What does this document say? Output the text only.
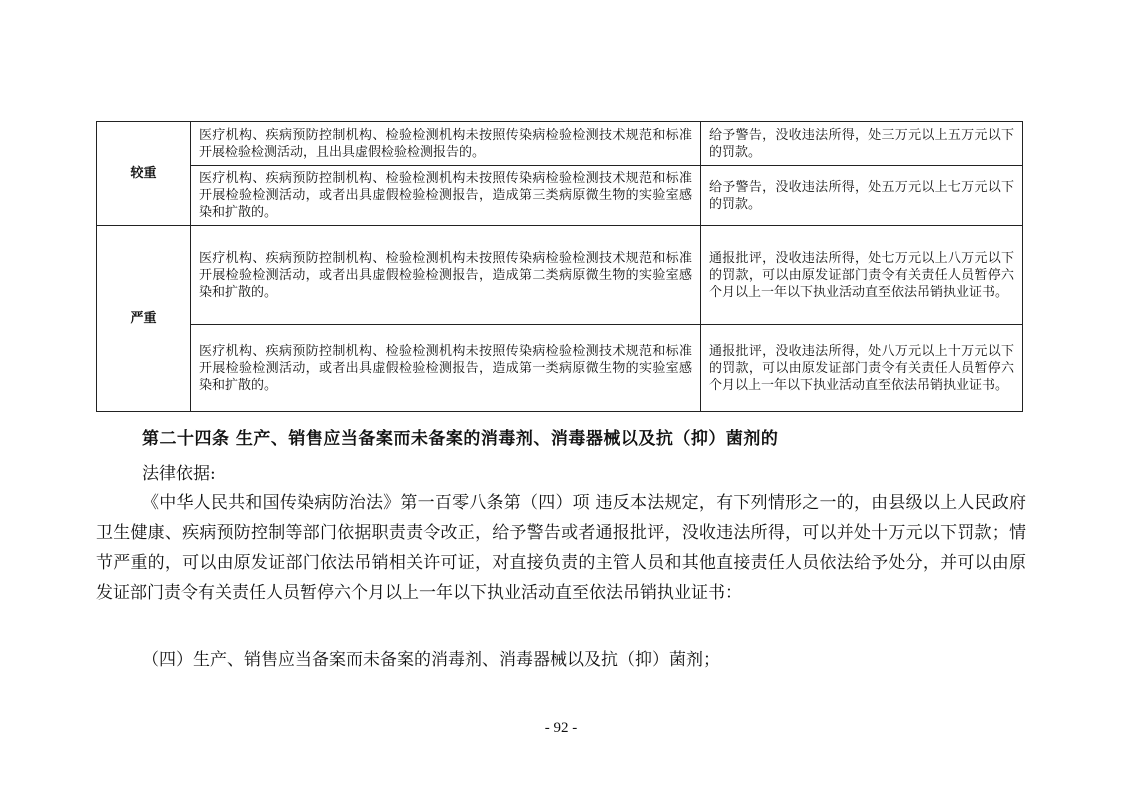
较重	医疗机构、疾病预防控制机构、检验检测机构未按照传染病检验检测技术规范和标准开展检验检测活动，且出具虚假检验检测报告的。	给予警告，没收违法所得，处三万元以上五万元以下的罚款。
	医疗机构、疾病预防控制机构、检验检测机构未按照传染病检验检测技术规范和标准开展检验检测活动，或者出具虚假检验检测报告，造成第三类病原微生物的实验室感染和扩散的。	给予警告，没收违法所得，处五万元以上七万元以下的罚款。
严重	医疗机构、疾病预防控制机构、检验检测机构未按照传染病检验检测技术规范和标准开展检验检测活动，或者出具虚假检验检测报告，造成第二类病原微生物的实验室感染和扩散的。	通报批评，没收违法所得，处七万元以上八万元以下的罚款，可以由原发证部门责令有关责任人员暂停六个月以上一年以下执业活动直至依法吊销执业证书。
	医疗机构、疾病预防控制机构、检验检测机构未按照传染病检验检测技术规范和标准开展检验检测活动，或者出具虚假检验检测报告，造成第一类病原微生物的实验室感染和扩散的。	通报批评，没收违法所得，处八万元以上十万元以下的罚款，可以由原发证部门责令有关责任人员暂停六个月以上一年以下执业活动直至依法吊销执业证书。
第二十四条 生产、销售应当备案而未备案的消毒剂、消毒器械以及抗（抑）菌剂的
法律依据:
《中华人民共和国传染病防治法》第一百零八条第（四）项 违反本法规定，有下列情形之一的，由县级以上人民政府卫生健康、疾病预防控制等部门依据职责责令改正，给予警告或者通报批评，没收违法所得，可以并处十万元以下罚款；情节严重的，可以由原发证部门依法吊销相关许可证，对直接负责的主管人员和其他直接责任人员依法给予处分，并可以由原发证部门责令有关责任人员暂停六个月以上一年以下执业活动直至依法吊销执业证书：
（四）生产、销售应当备案而未备案的消毒剂、消毒器械以及抗（抑）菌剂；
- 92 -
